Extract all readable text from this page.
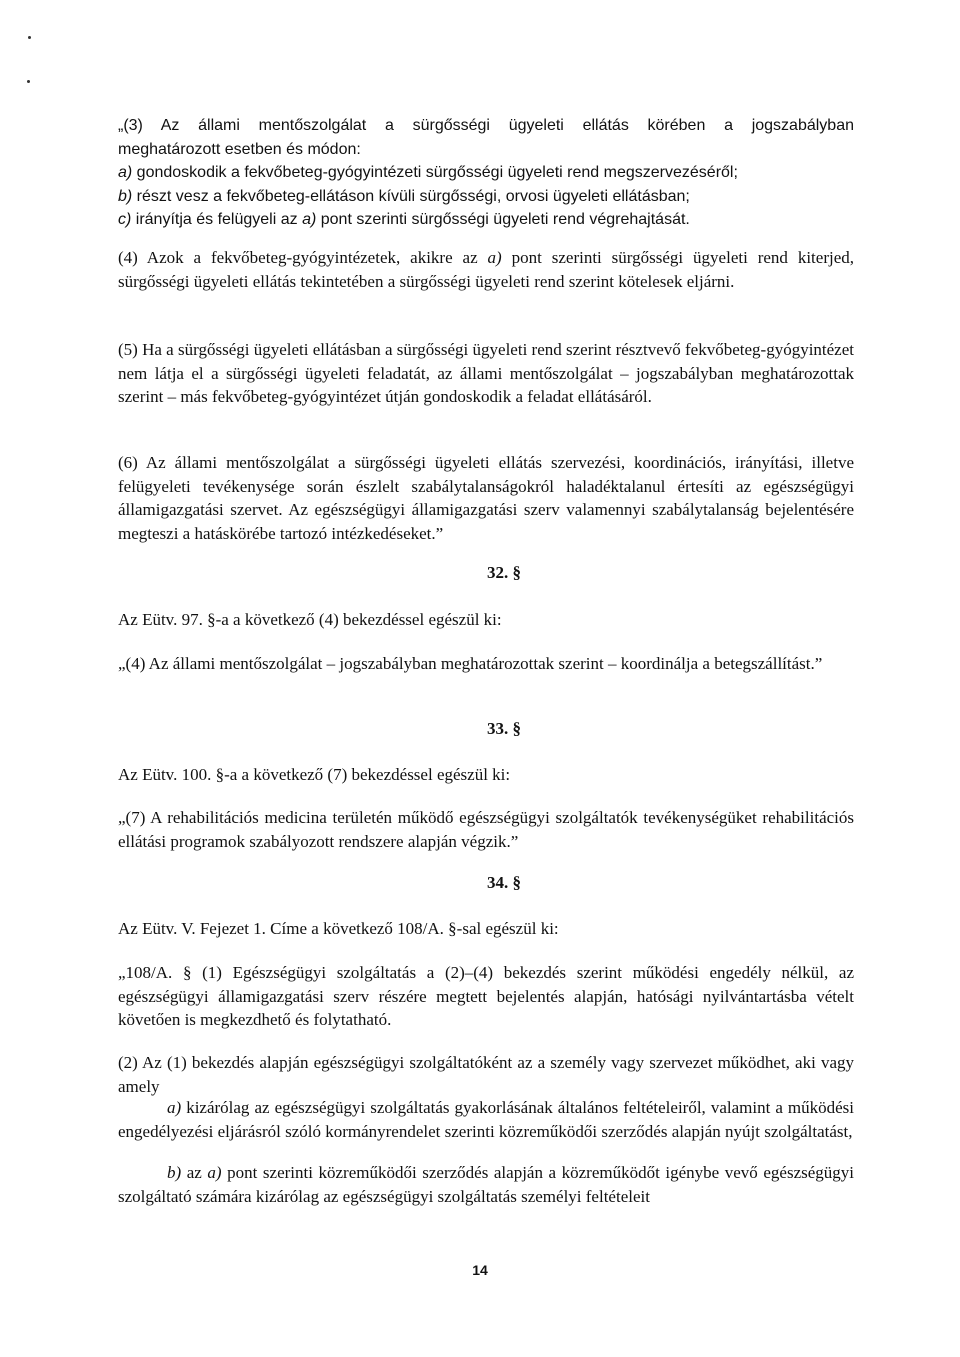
„(3) Az állami mentőszolgálat a sürgősségi ügyeleti ellátás körében a jogszabályban
meghatározott esetben és módon:
a) gondoskodik a fekvőbeteg-gyógyintézeti sürgősségi ügyeleti rend megszervezéséről;
b) részt vesz a fekvőbeteg-ellátáson kívüli sürgősségi, orvosi ügyeleti ellátásban;
c) irányítja és felügyeli az a) pont szerinti sürgősségi ügyeleti rend végrehajtását.

(4) Azok a fekvőbeteg-gyógyintézetek, akikre az a) pont szerinti sürgősségi ügyeleti rend kiterjed, sürgősségi ügyeleti ellátás tekintetében a sürgősségi ügyeleti rend szerint kötelesek eljárni.

(5) Ha a sürgősségi ügyeleti ellátásban a sürgősségi ügyeleti rend szerint résztvevő fekvőbeteg-gyógyintézet nem látja el a sürgősségi ügyeleti feladatát, az állami mentőszolgálat – jogszabályban meghatározottak szerint – más fekvőbeteg-gyógyintézet útján gondoskodik a feladat ellátásáról.

(6) Az állami mentőszolgálat a sürgősségi ügyeleti ellátás szervezési, koordinációs, irányítási, illetve felügyeleti tevékenysége során észlelt szabálytalanságokról haladéktalanul értesíti az egészségügyi államigazgatási szervet. Az egészségügyi államigazgatási szerv valamennyi szabálytalanság bejelentésére megteszi a hatáskörébe tartozó intézkedéseket.”

32. §

Az Eütv. 97. §-a a következő (4) bekezdéssel egészül ki:

„(4) Az állami mentőszolgálat – jogszabályban meghatározottak szerint – koordinálja a betegszállítást.”

33. §

Az Eütv. 100. §-a a következő (7) bekezdéssel egészül ki:

„(7) A rehabilitációs medicina területén működő egészségügyi szolgáltatók tevékenységüket rehabilitációs ellátási programok szabályozott rendszere alapján végzik.”

34. §

Az Eütv. V. Fejezet 1. Címe a következő 108/A. §-sal egészül ki:

„108/A. § (1) Egészségügyi szolgáltatás a (2)–(4) bekezdés szerint működési engedély nélkül, az egészségügyi államigazgatási szerv részére megtett bejelentés alapján, hatósági nyilvántartásba vételt követően is megkezdhető és folytatható.

(2) Az (1) bekezdés alapján egészségügyi szolgáltatóként az a személy vagy szervezet működhet, aki vagy amely

a) kizárólag az egészségügyi szolgáltatás gyakorlásának általános feltételeiről, valamint a működési engedélyezési eljárásról szóló kormányrendelet szerinti közreműködői szerződés alapján nyújt szolgáltatást,

b) az a) pont szerinti közreműködői szerződés alapján a közreműködőt igénybe vevő egészségügyi szolgáltató számára kizárólag az egészségügyi szolgáltatás személyi feltételeit

14
